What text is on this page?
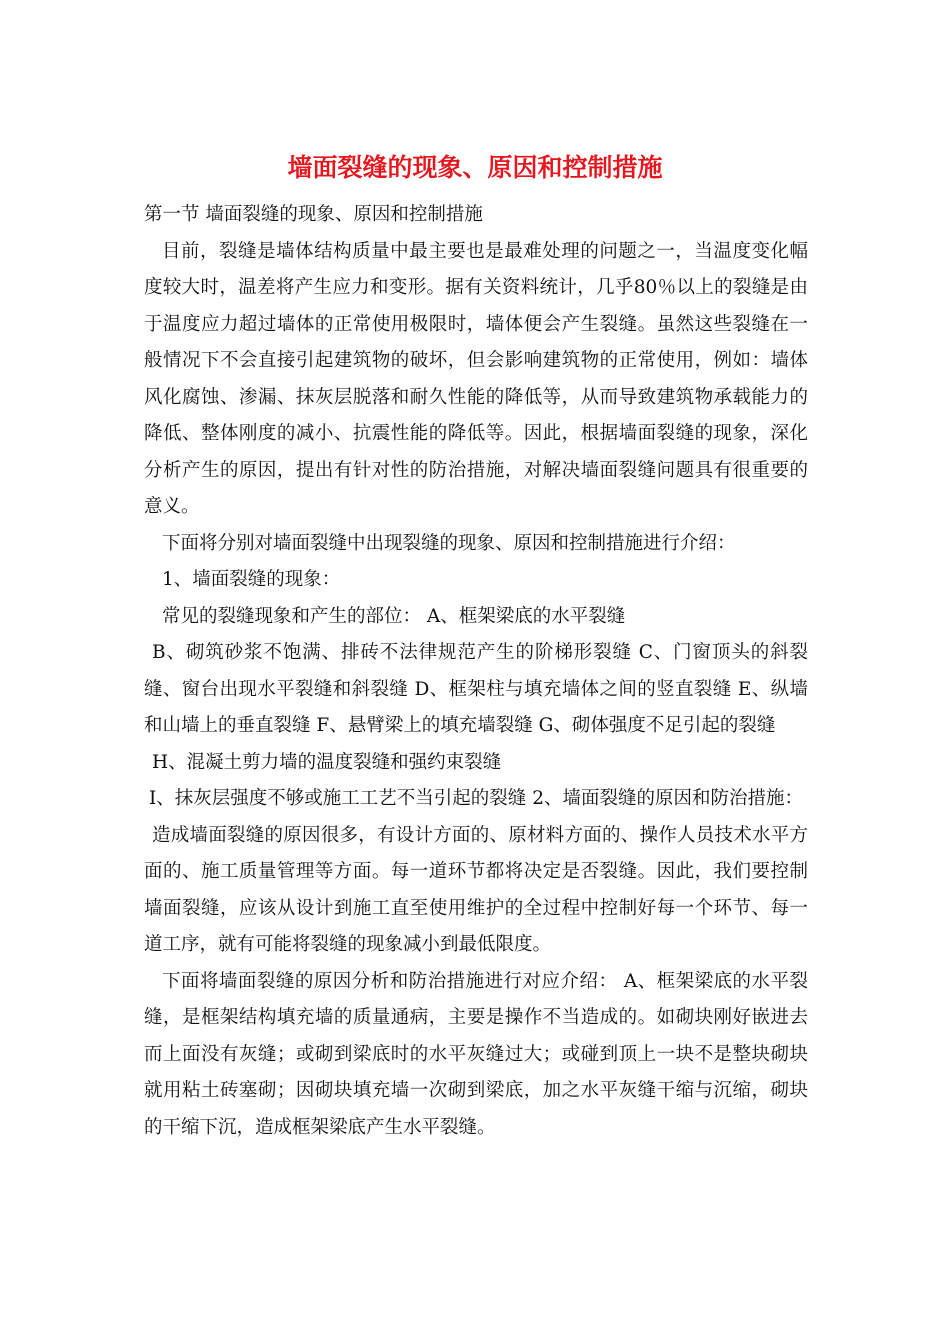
墙面裂缝的现象、原因和控制措施

第一节 墙面裂缝的现象、原因和控制措施

目前，裂缝是墙体结构质量中最主要也是最难处理的问题之一，当温度变化幅度较大时，温差将产生应力和变形。据有关资料统计，几乎80％以上的裂缝是由于温度应力超过墙体的正常使用极限时，墙体便会产生裂缝。虽然这些裂缝在一般情况下不会直接引起建筑物的破坏，但会影响建筑物的正常使用，例如：墙体风化腐蚀、渗漏、抹灰层脱落和耐久性能的降低等，从而导致建筑物承载能力的降低、整体刚度的减小、抗震性能的降低等。因此，根据墙面裂缝的现象，深化分析产生的原因，提出有针对性的防治措施，对解决墙面裂缝问题具有很重要的意义。

下面将分别对墙面裂缝中出现裂缝的现象、原因和控制措施进行介绍：

1、墙面裂缝的现象：

常见的裂缝现象和产生的部位： A、框架梁底的水平裂缝

B、砌筑砂浆不饱满、排砖不法律规范产生的阶梯形裂缝 C、门窗顶头的斜裂缝、窗台出现水平裂缝和斜裂缝 D、框架柱与填充墙体之间的竖直裂缝 E、纵墙和山墙上的垂直裂缝 F、悬臂梁上的填充墙裂缝 G、砌体强度不足引起的裂缝

H、混凝土剪力墙的温度裂缝和强约束裂缝

I、抹灰层强度不够或施工工艺不当引起的裂缝 2、墙面裂缝的原因和防治措施：

造成墙面裂缝的原因很多，有设计方面的、原材料方面的、操作人员技术水平方面的、施工质量管理等方面。每一道环节都将决定是否裂缝。因此，我们要控制墙面裂缝，应该从设计到施工直至使用维护的全过程中控制好每一个环节、每一道工序，就有可能将裂缝的现象减小到最低限度。

下面将墙面裂缝的原因分析和防治措施进行对应介绍： A、框架梁底的水平裂缝，是框架结构填充墙的质量通病，主要是操作不当造成的。如砌块刚好嵌进去而上面没有灰缝；或砌到梁底时的水平灰缝过大；或碰到顶上一块不是整块砌块就用粘土砖塞砌；因砌块填充墙一次砌到梁底，加之水平灰缝干缩与沉缩，砌块的干缩下沉，造成框架梁底产生水平裂缝。
